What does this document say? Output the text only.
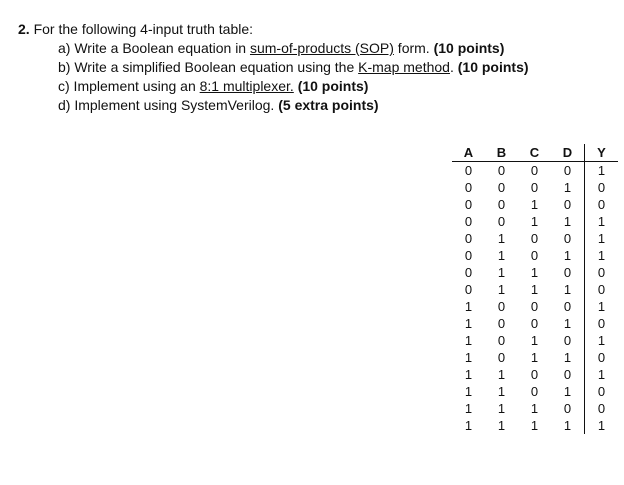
2. For the following 4-input truth table:

a) Write a Boolean equation in sum-of-products (SOP) form. (10 points)
b) Write a simplified Boolean equation using the K-map method. (10 points)
c) Implement using an 8:1 multiplexer. (10 points)
d) Implement using SystemVerilog. (5 extra points)
A	B	C	D	Y
0	0	0	0	1
0	0	0	1	0
0	0	1	0	0
0	0	1	1	1
0	1	0	0	1
0	1	0	1	1
0	1	1	0	0
0	1	1	1	0
1	0	0	0	1
1	0	0	1	0
1	0	1	0	1
1	0	1	1	0
1	1	0	0	1
1	1	0	1	0
1	1	1	0	0
1	1	1	1	1
